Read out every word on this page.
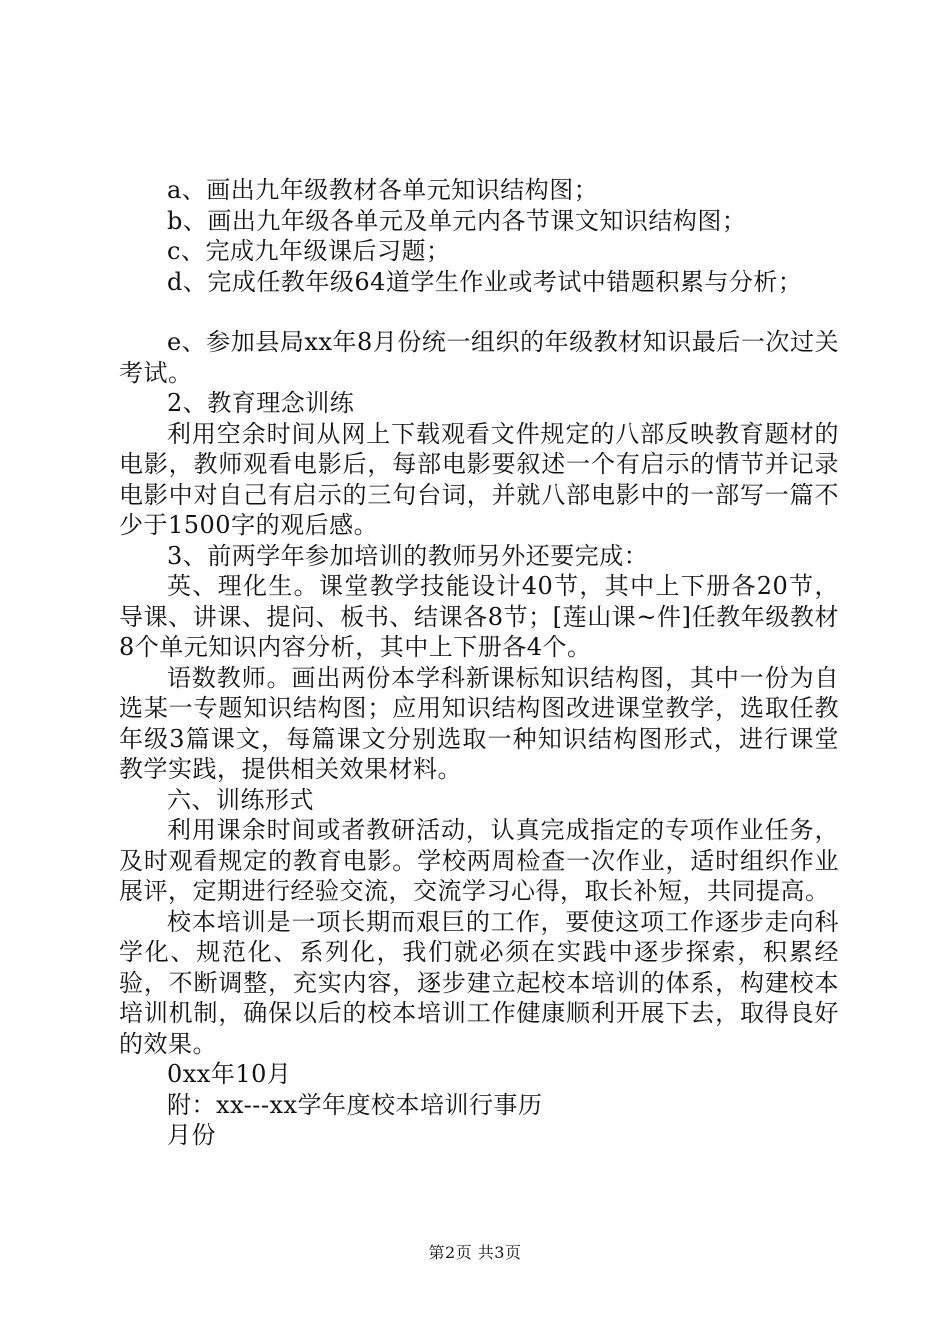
a、画出九年级教材各单元知识结构图；

b、画出九年级各单元及单元内各节课文知识结构图；

c、完成九年级课后习题；

d、完成任教年级64道学生作业或考试中错题积累与分析；

e、参加县局xx年8月份统一组织的年级教材知识最后一次过关考试。

2、教育理念训练

利用空余时间从网上下载观看文件规定的八部反映教育题材的电影，教师观看电影后，每部电影要叙述一个有启示的情节并记录电影中对自己有启示的三句台词，并就八部电影中的一部写一篇不少于1500字的观后感。

3、前两学年参加培训的教师另外还要完成：

英、理化生。课堂教学技能设计40节，其中上下册各20节，导课、讲课、提问、板书、结课各8节；[莲山课~件]任教年级教材8个单元知识内容分析，其中上下册各4个。

语数教师。画出两份本学科新课标知识结构图，其中一份为自选某一专题知识结构图；应用知识结构图改进课堂教学，选取任教年级3篇课文，每篇课文分别选取一种知识结构图形式，进行课堂教学实践，提供相关效果材料。

六、训练形式

利用课余时间或者教研活动，认真完成指定的专项作业任务，及时观看规定的教育电影。学校两周检查一次作业，适时组织作业展评，定期进行经验交流，交流学习心得，取长补短，共同提高。

校本培训是一项长期而艰巨的工作，要使这项工作逐步走向科学化、规范化、系列化，我们就必须在实践中逐步探索，积累经验，不断调整，充实内容，逐步建立起校本培训的体系，构建校本培训机制，确保以后的校本培训工作健康顺利开展下去，取得良好的效果。

0xx年10月

附：xx---xx学年度校本培训行事历

月份

第2页 共3页
